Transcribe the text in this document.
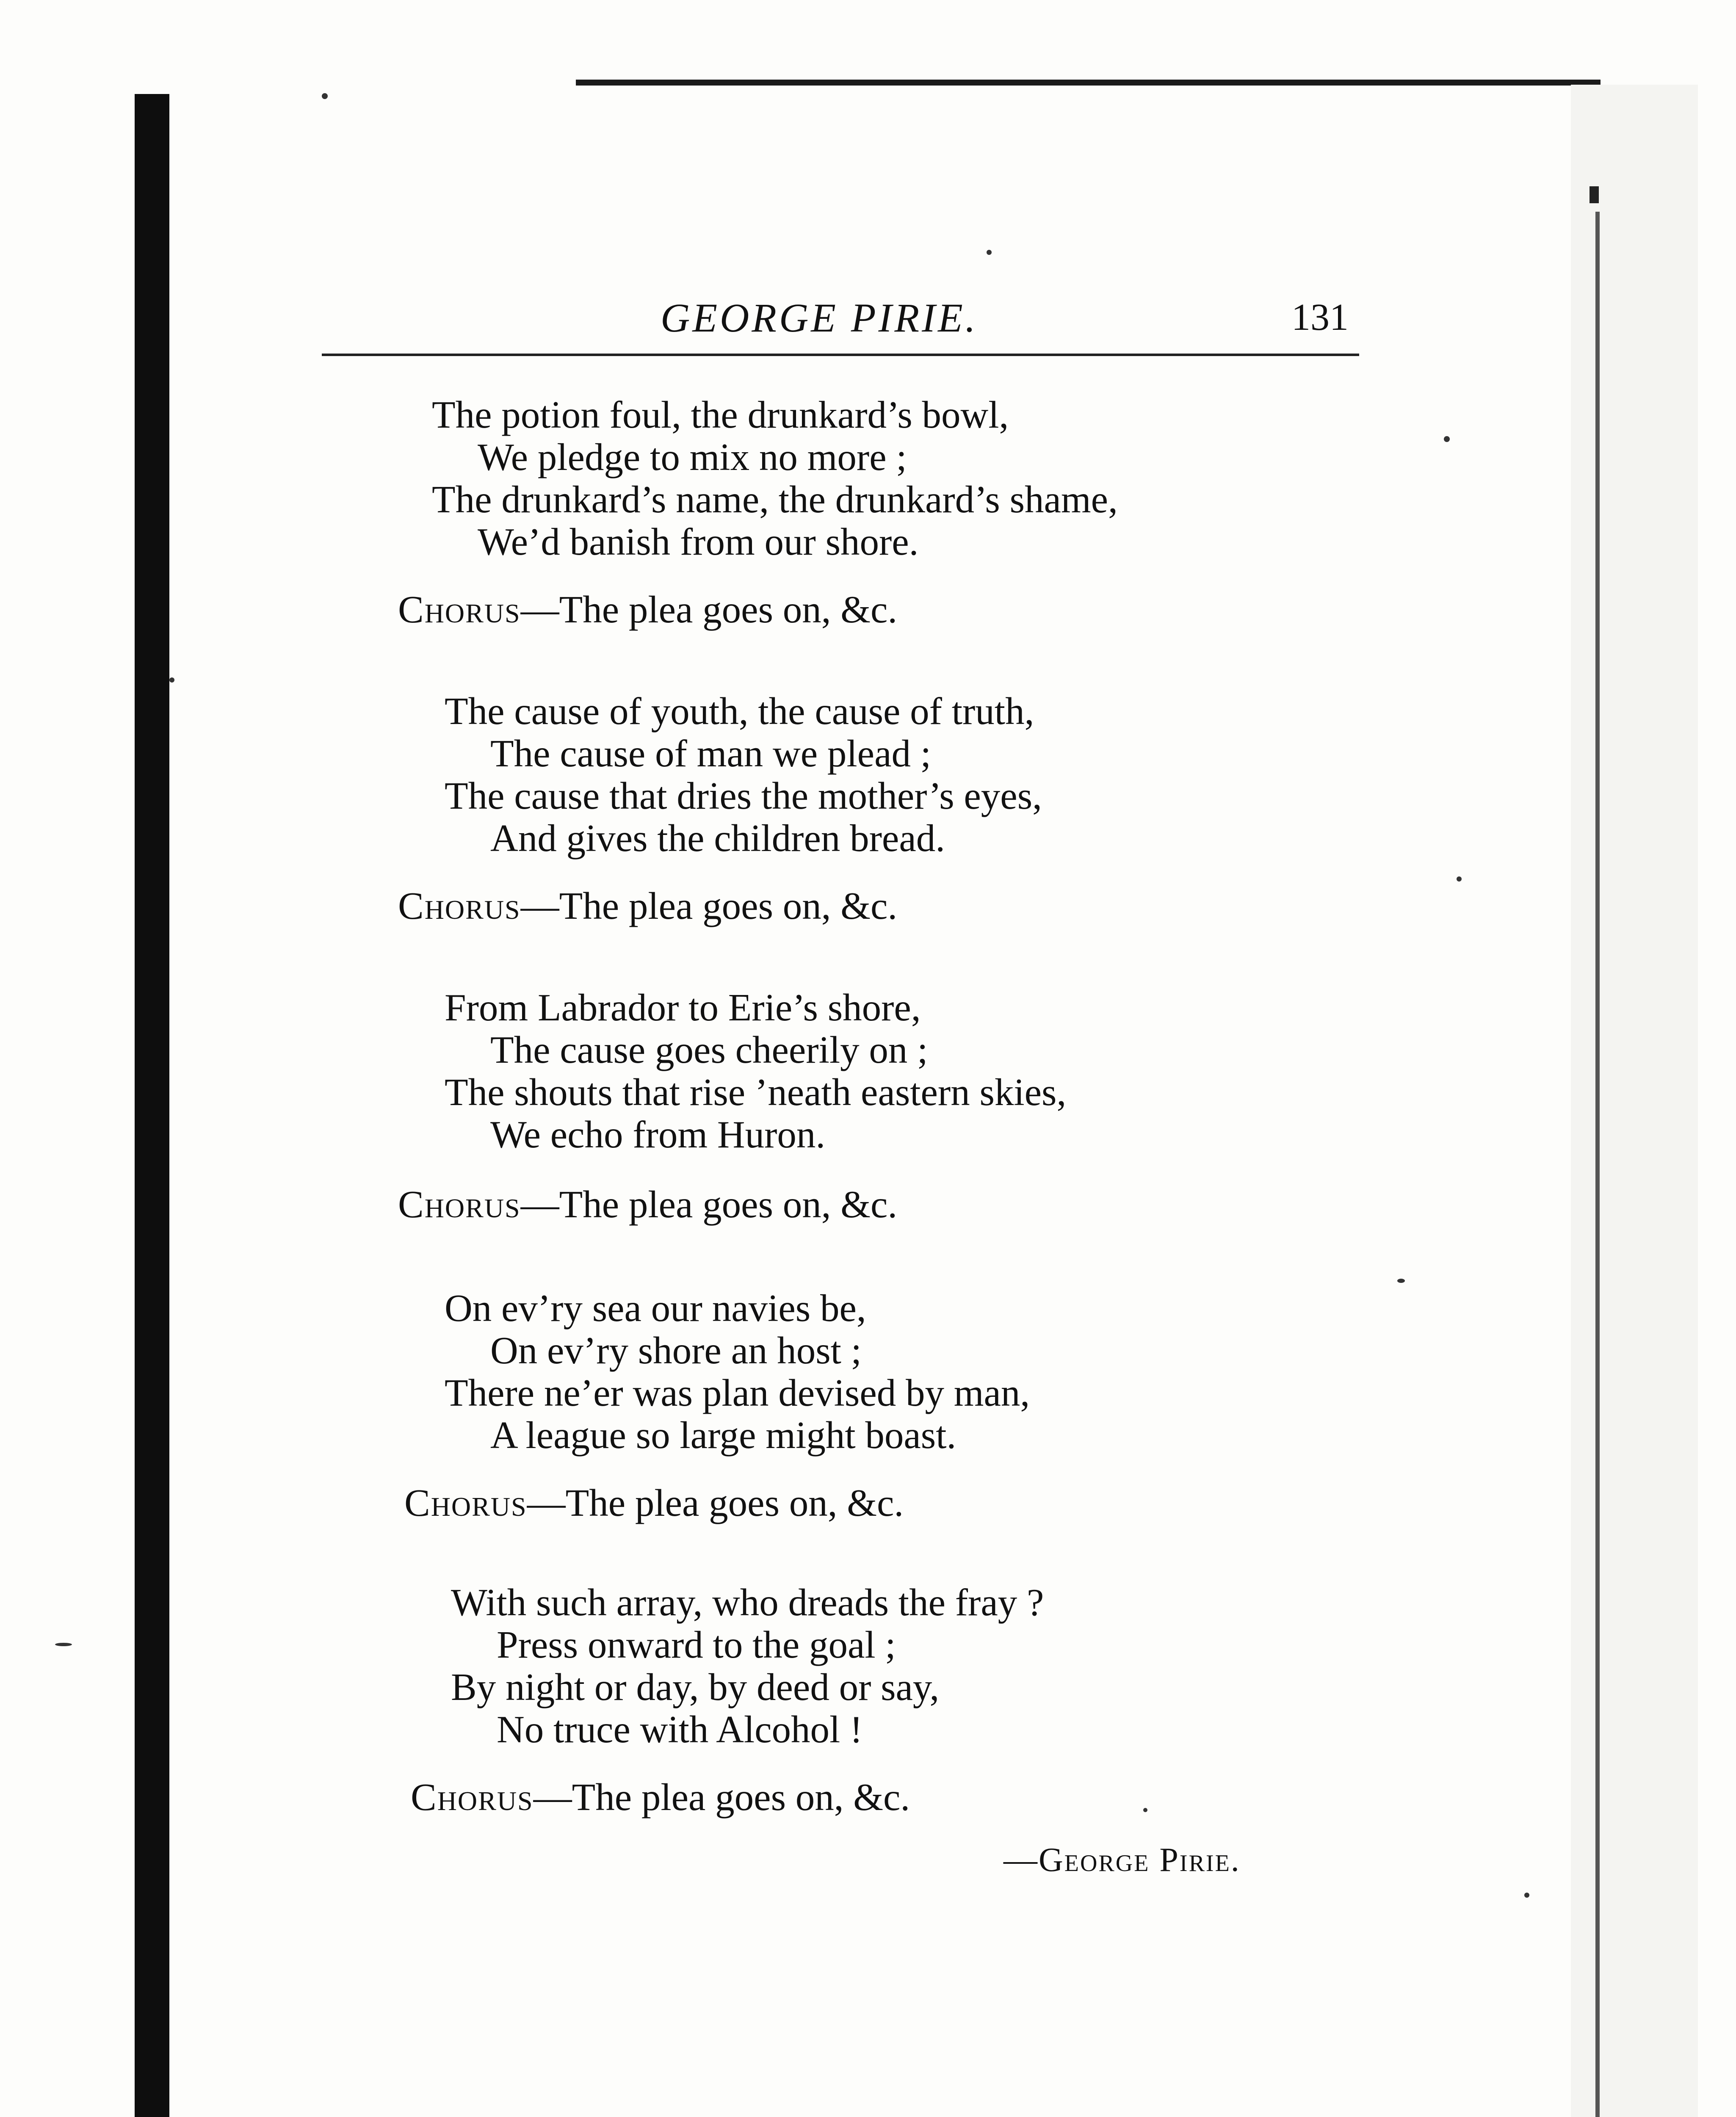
GEORGE PIRIE.	131
The potion foul, the drunkard’s bowl,
We pledge to mix no more ;
The drunkard’s name, the drunkard’s shame,
We’d banish from our shore.
Chorus—The plea goes on, &c.
The cause of youth, the cause of truth,
The cause of man we plead ;
The cause that dries the mother’s eyes,
And gives the children bread.
Chorus—The plea goes on, &c.
From Labrador to Erie’s shore,
The cause goes cheerily on ;
The shouts that rise ’neath eastern skies,
We echo from Huron.
Chorus—The plea goes on, &c.
On ev’ry sea our navies be,
On ev’ry shore an host ;
There ne’er was plan devised by man,
A league so large might boast.
Chorus—The plea goes on, &c.
With such array, who dreads the fray ?
Press onward to the goal ;
By night or day, by deed or say,
No truce with Alcohol !
Chorus—The plea goes on, &c.
—George Pirie.
